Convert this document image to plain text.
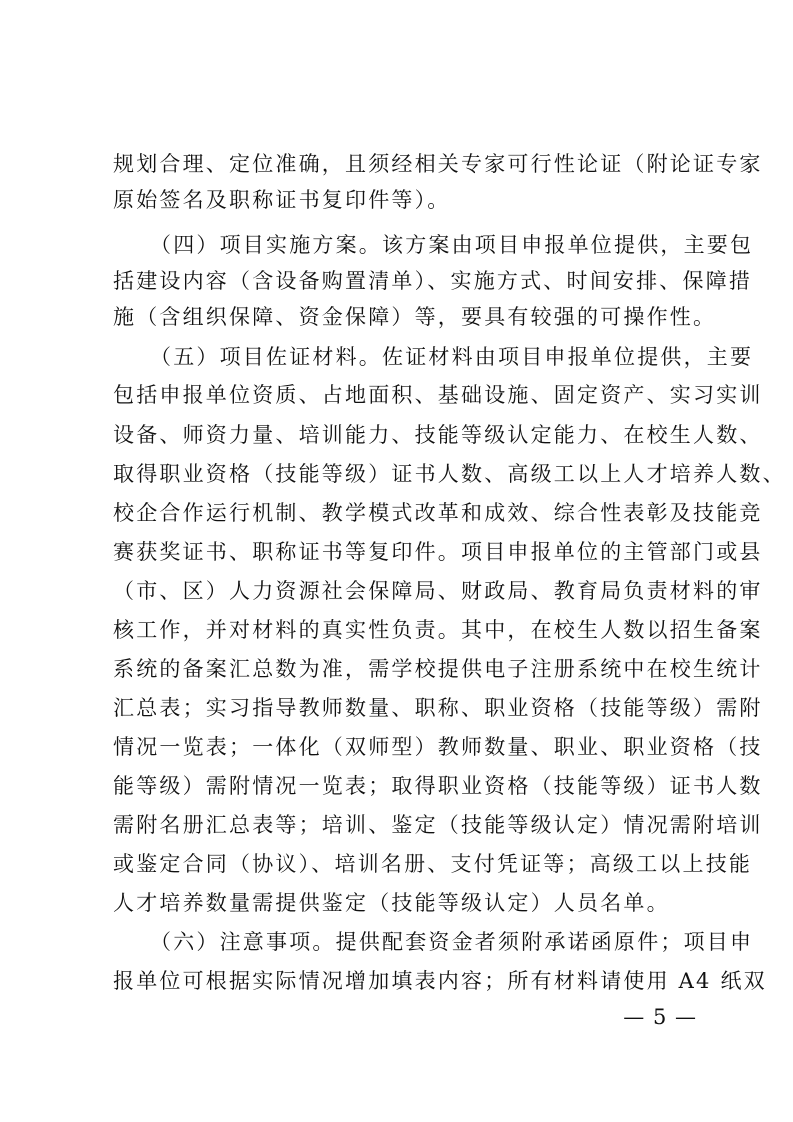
规划合理、定位准确，且须经相关专家可行性论证（附论证专家
原始签名及职称证书复印件等）。
（四）项目实施方案。该方案由项目申报单位提供，主要包
括建设内容（含设备购置清单）、实施方式、时间安排、保障措
施（含组织保障、资金保障）等，要具有较强的可操作性。
（五）项目佐证材料。佐证材料由项目申报单位提供，主要
包括申报单位资质、占地面积、基础设施、固定资产、实习实训
设备、师资力量、培训能力、技能等级认定能力、在校生人数、
取得职业资格（技能等级）证书人数、高级工以上人才培养人数、
校企合作运行机制、教学模式改革和成效、综合性表彰及技能竞
赛获奖证书、职称证书等复印件。项目申报单位的主管部门或县
（市、区）人力资源社会保障局、财政局、教育局负责材料的审
核工作，并对材料的真实性负责。其中，在校生人数以招生备案
系统的备案汇总数为准，需学校提供电子注册系统中在校生统计
汇总表；实习指导教师数量、职称、职业资格（技能等级）需附
情况一览表；一体化（双师型）教师数量、职业、职业资格（技
能等级）需附情况一览表；取得职业资格（技能等级）证书人数
需附名册汇总表等；培训、鉴定（技能等级认定）情况需附培训
或鉴定合同（协议）、培训名册、支付凭证等；高级工以上技能
人才培养数量需提供鉴定（技能等级认定）人员名单。
（六）注意事项。提供配套资金者须附承诺函原件；项目申
报单位可根据实际情况增加填表内容；所有材料请使用 A4 纸双
— 5 —
